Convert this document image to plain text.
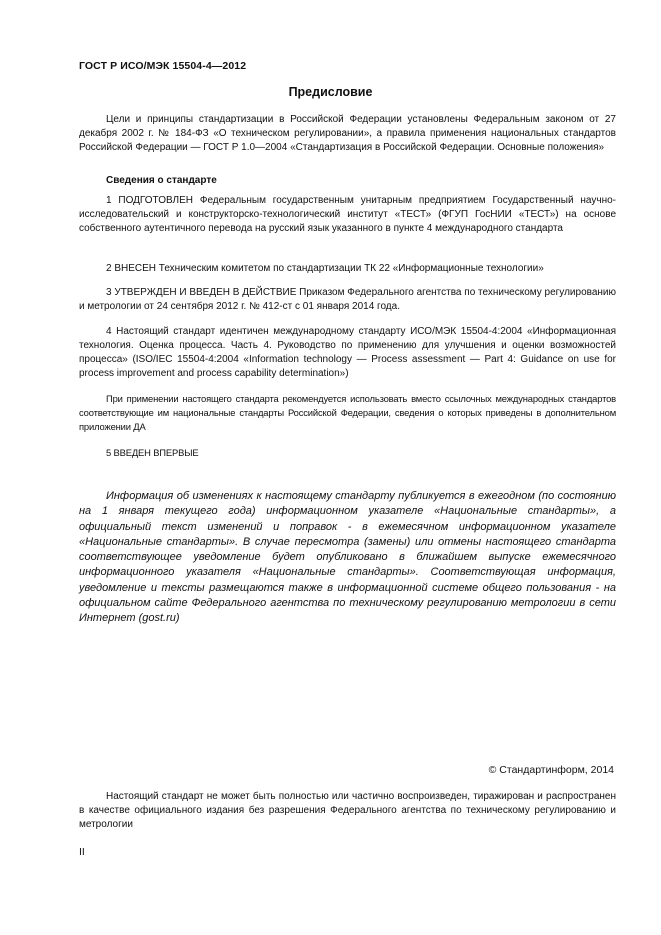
ГОСТ Р ИСО/МЭК 15504-4—2012
Предисловие
Цели и принципы стандартизации в Российской Федерации установлены Федеральным законом от 27 декабря 2002 г. № 184-ФЗ «О техническом регулировании», а правила применения национальных стандартов Российской Федерации — ГОСТ Р 1.0—2004 «Стандартизация в Российской Федерации. Основные положения»
Сведения о стандарте
1 ПОДГОТОВЛЕН Федеральным государственным унитарным предприятием Государственный научно-исследовательский и конструкторско-технологический институт «ТЕСТ» (ФГУП ГосНИИ «ТЕСТ») на основе собственного аутентичного перевода на русский язык указанного в пункте 4 международного стандарта
2 ВНЕСЕН Техническим комитетом по стандартизации ТК 22 «Информационные технологии»
3 УТВЕРЖДЕН И ВВЕДЕН В ДЕЙСТВИЕ Приказом Федерального агентства по техническому регулированию и метрологии от 24 сентября 2012 г. № 412-ст с 01 января 2014 года.
4 Настоящий стандарт идентичен международному стандарту ИСО/МЭК 15504-4:2004 «Информационная технология. Оценка процесса. Часть 4. Руководство по применению для улучшения и оценки возможностей процесса» (ISO/IEC 15504-4:2004 «Information technology — Process assessment — Part 4: Guidance on use for process improvement and process capability determination»)
При применении настоящего стандарта рекомендуется использовать вместо ссылочных международных стандартов соответствующие им национальные стандарты Российской Федерации, сведения о которых приведены в дополнительном приложении ДА
5 ВВЕДЕН ВПЕРВЫЕ
Информация об изменениях к настоящему стандарту публикуется в ежегодном (по состоянию на 1 января текущего года) информационном указателе «Национальные стандарты», а официальный текст изменений и поправок - в ежемесячном информационном указателе «Национальные стандарты». В случае пересмотра (замены) или отмены настоящего стандарта соответствующее уведомление будет опубликовано в ближайшем выпуске ежемесячного информационного указателя «Национальные стандарты». Соответствующая информация, уведомление и тексты размещаются также в информационной системе общего пользования - на официальном сайте Федерального агентства по техническому регулированию метрологии в сети Интернет (gost.ru)
© Стандартинформ, 2014
Настоящий стандарт не может быть полностью или частично воспроизведен, тиражирован и распространен в качестве официального издания без разрешения Федерального агентства по техническому регулированию и метрологии
II
